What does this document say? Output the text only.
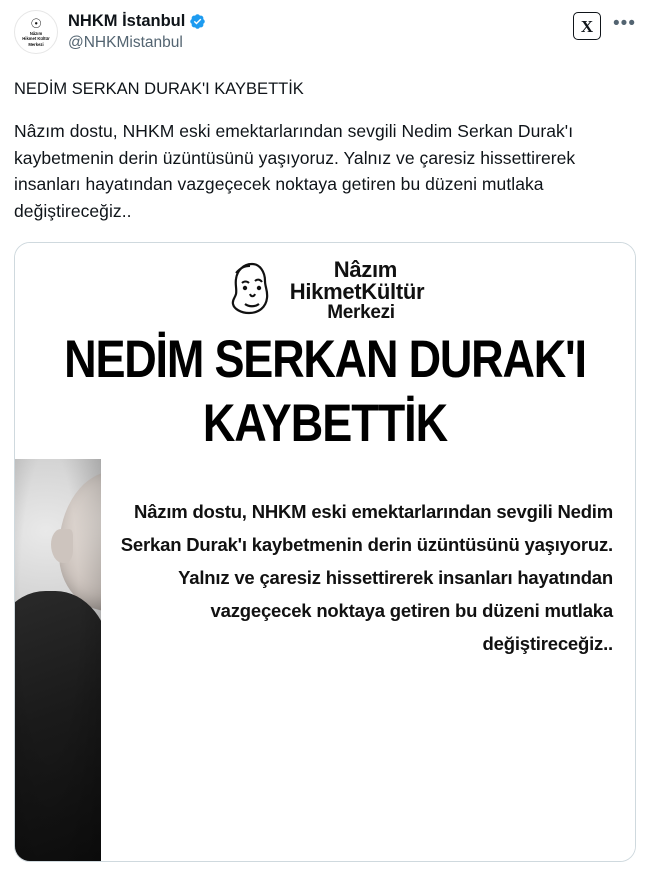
☉
Nâzım
Hikmet Kültür
Merkezi
NHKM İstanbul
@NHKMistanbul
X	•••
NEDİM SERKAN DURAK'I KAYBETTİK
Nâzım dostu, NHKM eski emektarlarından sevgili Nedim Serkan Durak'ı kaybetmenin derin üzüntüsünü yaşıyoruz. Yalnız ve çaresiz hissettirerek insanları hayatından vazgeçecek noktaya getiren bu düzeni mutlaka değiştireceğiz..
Nâzım
HikmetKültür
Merkezi
NEDİM SERKAN DURAK'I
KAYBETTİK

Nâzım dostu, NHKM eski emektarlarından sevgili Nedim Serkan Durak'ı kaybetmenin derin üzüntüsünü yaşıyoruz. Yalnız ve çaresiz hissettirerek insanları hayatından vazgeçecek noktaya getiren bu düzeni mutlaka değiştireceğiz..
